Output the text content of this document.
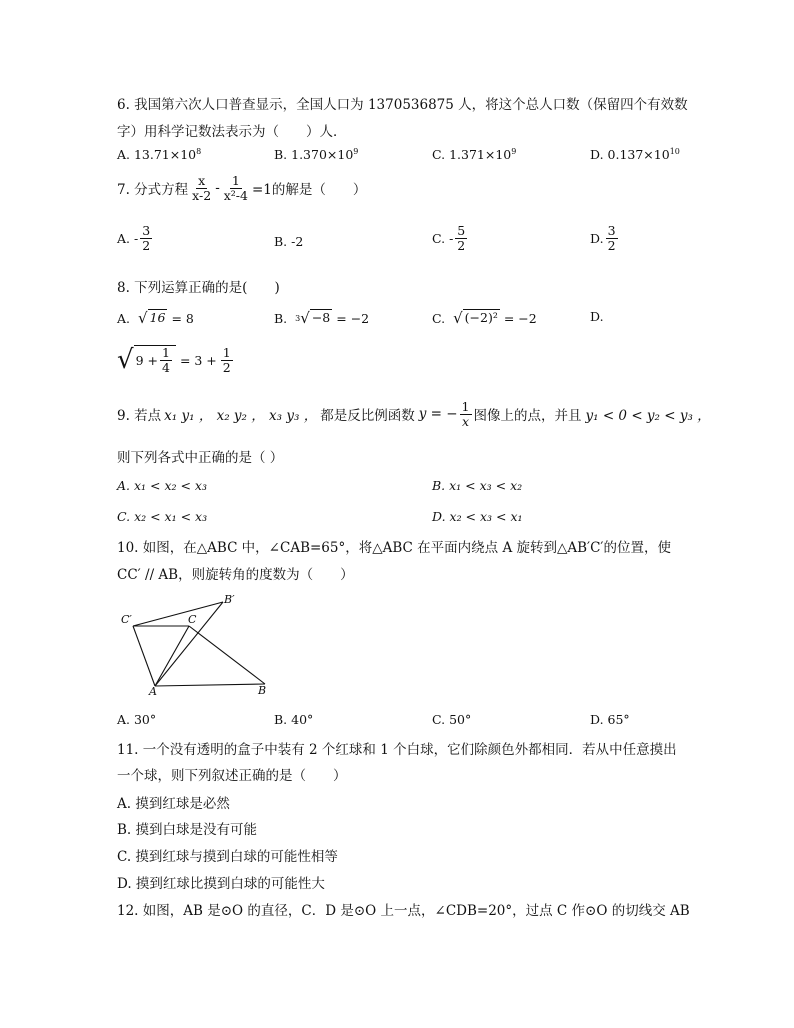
6. 我国第六次人口普查显示，全国人口为 1370536875 人，将这个总人口数（保留四个有效数
字）用科学记数法表示为（　　）人．
A. $13.71\times 10^8$	B. $1.370\times 10^9$	C. $1.371\times 10^9$	D. $0.137\times 10^{10}$
7. 分式方程 $\frac{x}{x-2} - \frac{1}{\text{x²-4}} =1$的解是（　　）
A. - $\frac{3}{2}$	B. -2	C. - $\frac{5}{2}$	D. $\frac{3}{2}$
8. 下列运算正确的是(　　)
A. √ 16 = 8	B. 3 √ −8 = −2	C. √ (−2)² = −2	D.
√ $9 + \frac{1}{4} = 3 + \frac{1}{2}$
9. 若点 x₁ y₁ ， x₂ y₂ ， x₃ y₃ ， 都是反比例函数 y = − $\frac{1}{x}$ 图像上的点，并且 y₁ < 0 < y₂ < y₃ ，
则下列各式中正确的是（ ）
A. x₁ < x₂ < x₃	B. x₁ < x₃ < x₂
C. x₂ < x₁ < x₃	D. x₂ < x₃ < x₁
10. 如图，在△ABC 中，∠CAB=65°，将△ABC 在平面内绕点 A 旋转到△AB′C′的位置，使
CC′ // AB，则旋转角的度数为（　　）
A	B
C
C′
B′
A. 30°	B. 40°	C. 50°	D. 65°
11. 一个没有透明的盒子中装有 2 个红球和 1 个白球，它们除颜色外都相同．若从中任意摸出
一个球，则下列叙述正确的是（　　）
A. 摸到红球是必然
B. 摸到白球是没有可能
C. 摸到红球与摸到白球的可能性相等
D. 摸到红球比摸到白球的可能性大
12. 如图，AB 是⊙O 的直径，C．D 是⊙O 上一点，∠CDB=20°，过点 C 作⊙O 的切线交 AB
